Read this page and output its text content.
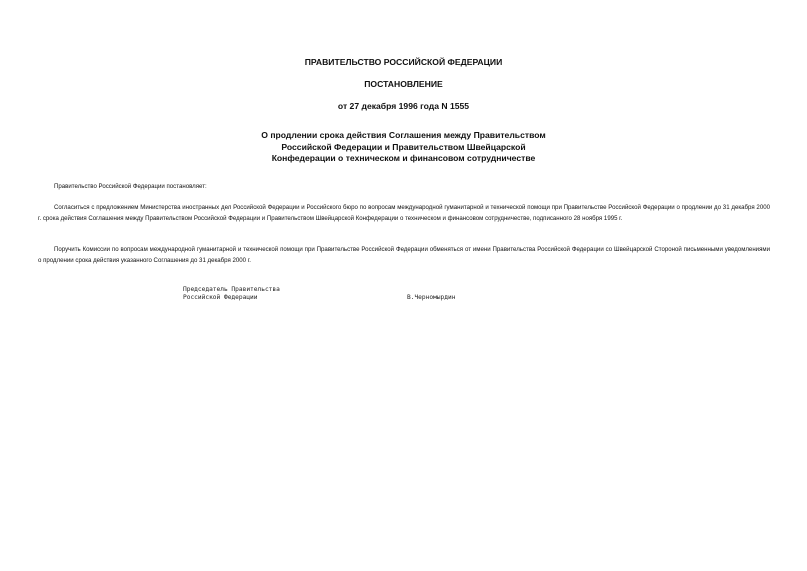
ПРАВИТЕЛЬСТВО РОССИЙСКОЙ ФЕДЕРАЦИИ

ПОСТАНОВЛЕНИЕ

от 27 декабря 1996 года N 1555

О продлении срока действия Соглашения между Правительством
Российской Федерации и Правительством Швейцарской
Конфедерации о техническом и финансовом сотрудничестве

Правительство Российской Федерации постановляет:

Согласиться с предложением Министерства иностранных дел Российской Федерации и Российского бюро по вопросам международной гуманитарной и технической помощи при Правительстве Российской Федерации о продлении до 31 декабря 2000 г. срока действия Соглашения между Правительством Российской Федерации и Правительством Швейцарской Конфедерации о техническом и финансовом сотрудничестве, подписанного 28 ноября 1995 г.

Поручить Комиссии по вопросам международной гуманитарной и технической помощи при Правительстве Российской Федерации обменяться от имени Правительства Российской Федерации со Швейцарской Стороной письменными уведомлениями о продлении срока действия указанного Соглашения до 31 декабря 2000 г.

Председатель Правительства
Российской Федерации	В.Черномырдин
